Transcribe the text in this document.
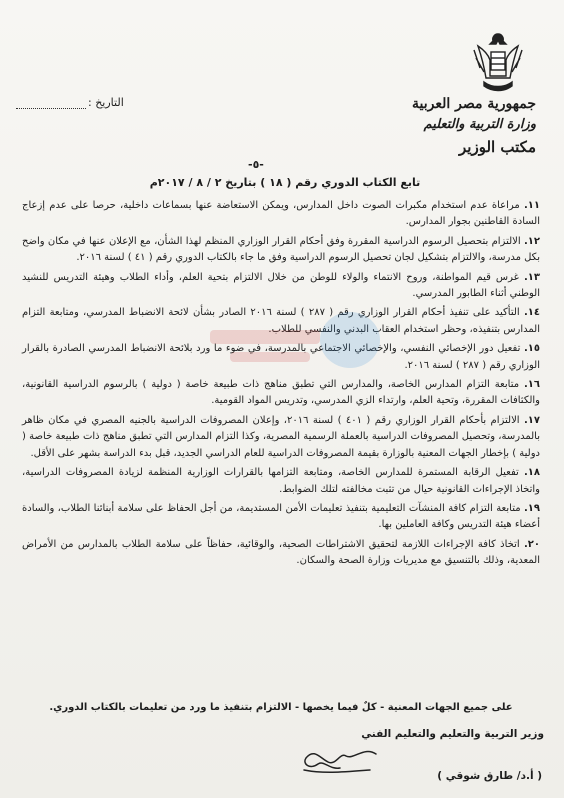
جمهورية مصر العربية
وزارة التربية والتعليم
مكتب الوزير
التاريخ :
-٥-
تابع الكتاب الدوري رقم ( ١٨ ) بتاريخ ٢ / ٨ / ٢٠١٧م

١١. مراعاة عدم استخدام مكبرات الصوت داخل المدارس، ويمكن الاستعاضة عنها بسماعات داخلية، حرصا على عدم إزعاج السادة القاطنين بجوار المدارس.

١٢. الالتزام بتحصيل الرسوم الدراسية المقررة وفق أحكام القرار الوزاري المنظم لهذا الشأن، مع الإعلان عنها في مكان واضح بكل مدرسة، والالتزام بتشكيل لجان تحصيل الرسوم الدراسية وفق ما جاء بالكتاب الدوري رقم ( ٤١ ) لسنة ٢٠١٦.

١٣. غرس قيم المواطنة، وروح الانتماء والولاء للوطن من خلال الالتزام بتحية العلم، وأداء الطلاب وهيئة التدريس للنشيد الوطني أثناء الطابور المدرسي.

١٤. التأكيد على تنفيذ أحكام القرار الوزاري رقم ( ٢٨٧ ) لسنة ٢٠١٦ الصادر بشأن لائحة الانضباط المدرسي، ومتابعة التزام المدارس بتنفيذه، وحظر استخدام العقاب البدني والنفسي للطلاب.

١٥. تفعيل دور الإخصائي النفسي، والإخصائي الاجتماعي بالمدرسة، في ضوء ما ورد بلائحة الانضباط المدرسي الصادرة بالقرار الوزاري رقم ( ٢٨٧ ) لسنة ٢٠١٦.

١٦. متابعة التزام المدارس الخاصة، والمدارس التي تطبق مناهج ذات طبيعة خاصة ( دولية ) بالرسوم الدراسية القانونية، والكثافات المقررة، وتحية العلم، وارتداء الزي المدرسي، وتدريس المواد القومية.

١٧. الالتزام بأحكام القرار الوزاري رقم ( ٤٠١ ) لسنة ٢٠١٦، وإعلان المصروفات الدراسية بالجنيه المصري في مكان ظاهر بالمدرسة، وتحصيل المصروفات الدراسية بالعملة الرسمية المصرية، وكذا التزام المدارس التي تطبق مناهج ذات طبيعة خاصة ( دولية ) بإخطار الجهات المعنية بالوزارة بقيمة المصروفات الدراسية للعام الدراسي الجديد، قبل بدء الدراسة بشهر على الأقل.

١٨. تفعيل الرقابة المستمرة للمدارس الخاصة، ومتابعة التزامها بالقرارات الوزارية المنظمة لزيادة المصروفات الدراسية، واتخاذ الإجراءات القانونية حيال من تثبت مخالفته لتلك الضوابط.

١٩. متابعة التزام كافة المنشآت التعليمية بتنفيذ تعليمات الأمن المستديمة، من أجل الحفاظ على سلامة أبنائنا الطلاب، والسادة أعضاء هيئة التدريس وكافة العاملين بها.

٢٠. اتخاذ كافة الإجراءات اللازمة لتحقيق الاشتراطات الصحية، والوقائية، حفاظاً على سلامة الطلاب بالمدارس من الأمراض المعدية، وذلك بالتنسيق مع مديريات وزارة الصحة والسكان.

على جميع الجهات المعنية - كلٌ فيما يخصها - الالتزام بتنفيذ ما ورد من تعليمات بالكتاب الدوري.
وزير التربية والتعليم والتعليم الفني
( أ.د/ طارق شوقي )
